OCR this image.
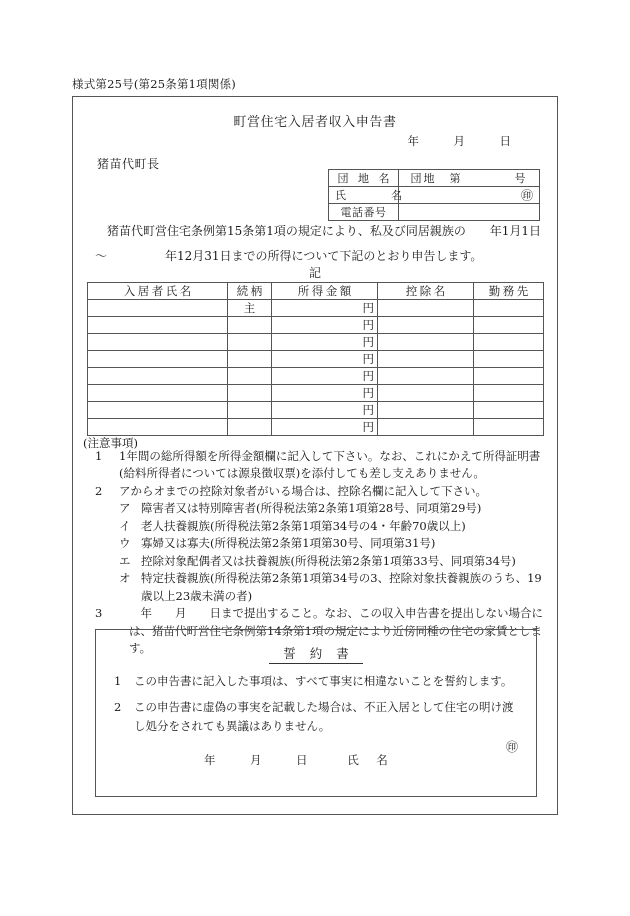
様式第25号(第25条第1項関係)
町営住宅入居者収入申告書
年　　　月　　　日
猪苗代町長
団 地 名	団地　第　　　　号
氏　　　名	㊞

電話番号	
年1月1日
猪苗代町営住宅条例第15条第1項の規定により、私及び同居親族の
〜	年12月31日までの所得について下記のとおり申告します。
記
入居者氏名	続柄	所得金額	控除名	勤務先
	主	円		
		円		
		円		
		円		
		円		
		円		
		円		
		円		
(注意事項)
1	1年間の総所得額を所得金額欄に記入して下さい。なお、これにかえて所得証明書(給料所得者については源泉徴収票)を添付しても差し支えありません。
2	アからオまでの控除対象者がいる場合は、控除名欄に記入して下さい。
ア 障害者又は特別障害者(所得税法第2条第1項第28号、同項第29号)
イ 老人扶養親族(所得税法第2条第1項第34号の4・年齢70歳以上)
ウ 寡婦又は寡夫(所得税法第2条第1項第30号、同項第31号)
エ 控除対象配偶者又は扶養親族(所得税法第2条第1項第33号、同項第34号)
オ 特定扶養親族(所得税法第2条第1項第34号の3、控除対象扶養親族のうち、19歳以上23歳未満の者)
3	　年　　月　　日まで提出すること。なお、この収入申告書を提出しない場合には、猪苗代町営住宅条例第14条第1項の規定により近傍同種の住宅の家賃とします。	誓約書
1	この申告書に記入した事項は、すべて事実に相違ないことを誓約します。
2	この申告書に虚偽の事実を記載した場合は、不正入居として住宅の明け渡し処分をされても異議はありません。
年　　　月　　　日

㊞

氏　名
